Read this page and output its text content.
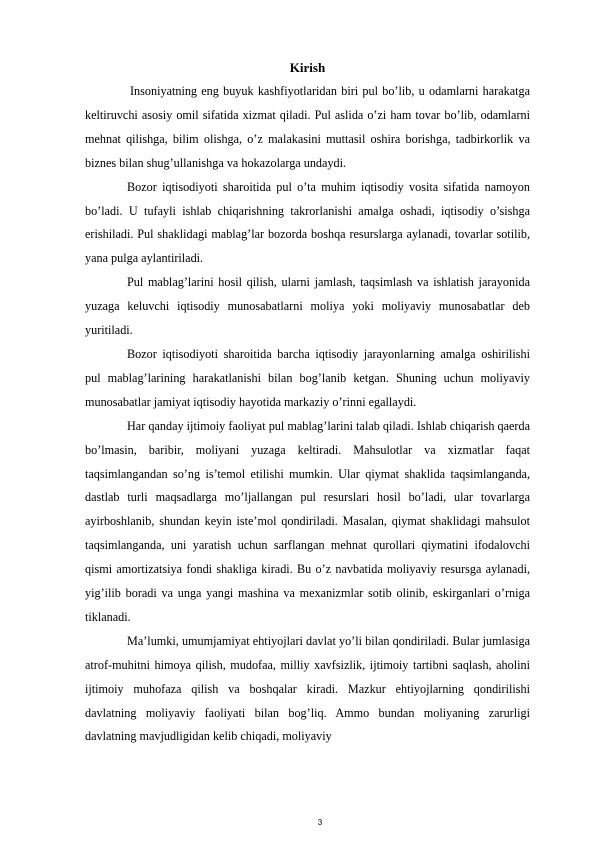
Kirish

Insoniyatning eng buyuk kashfiyotlaridan biri pul bo’lib, u odamlarni harakatga keltiruvchi asosiy omil sifatida xizmat qiladi. Pul aslida o’zi ham tovar bo’lib, odamlarni mehnat qilishga, bilim olishga, o’z malakasini muttasil oshira borishga, tadbirkorlik va biznes bilan shug’ullanishga va hokazolarga undaydi.

Bozor iqtisodiyoti sharoitida pul o’ta muhim iqtisodiy vosita sifatida namoyon bo’ladi. U tufayli ishlab chiqarishning takrorlanishi amalga oshadi, iqtisodiy o’sishga erishiladi. Pul shaklidagi mablag’lar bozorda boshqa resurslarga aylanadi, tovarlar sotilib, yana pulga aylantiriladi.

Pul mablag’larini hosil qilish, ularni jamlash, taqsimlash va ishlatish jarayonida yuzaga keluvchi iqtisodiy munosabatlarni moliya yoki moliyaviy munosabatlar deb yuritiladi.

Bozor iqtisodiyoti sharoitida barcha iqtisodiy jarayonlarning amalga oshirilishi pul mablag’larining harakatlanishi bilan bog’lanib ketgan. Shuning uchun moliyaviy munosabatlar jamiyat iqtisodiy hayotida markaziy o’rinni egallaydi.

Har qanday ijtimoiy faoliyat pul mablag’larini talab qiladi. Ishlab chiqarish qaerda bo’lmasin, baribir, moliyani yuzaga keltiradi. Mahsulotlar va xizmatlar faqat taqsimlangandan so’ng is’temol etilishi mumkin. Ular qiymat shaklida taqsimlanganda, dastlab turli maqsadlarga mo’ljallangan pul resurslari hosil bo’ladi, ular tovarlarga ayirboshlanib, shundan keyin iste’mol qondiriladi. Masalan, qiymat shaklidagi mahsulot taqsimlanganda, uni yaratish uchun sarflangan mehnat qurollari qiymatini ifodalovchi qismi amortizatsiya fondi shakliga kiradi. Bu o’z navbatida moliyaviy resursga aylanadi, yig’ilib boradi va unga yangi mashina va mexanizmlar sotib olinib, eskirganlari o’rniga tiklanadi.

Ma’lumki, umumjamiyat ehtiyojlari davlat yo’li bilan qondiriladi. Bular jumlasiga atrof-muhitni himoya qilish, mudofaa, milliy xavfsizlik, ijtimoiy tartibni saqlash, aholini ijtimoiy muhofaza qilish va boshqalar kiradi. Mazkur ehtiyojlarning qondirilishi davlatning moliyaviy faoliyati bilan bog’liq. Ammo bundan moliyaning zarurligi davlatning mavjudligidan kelib chiqadi, moliyaviy

3
